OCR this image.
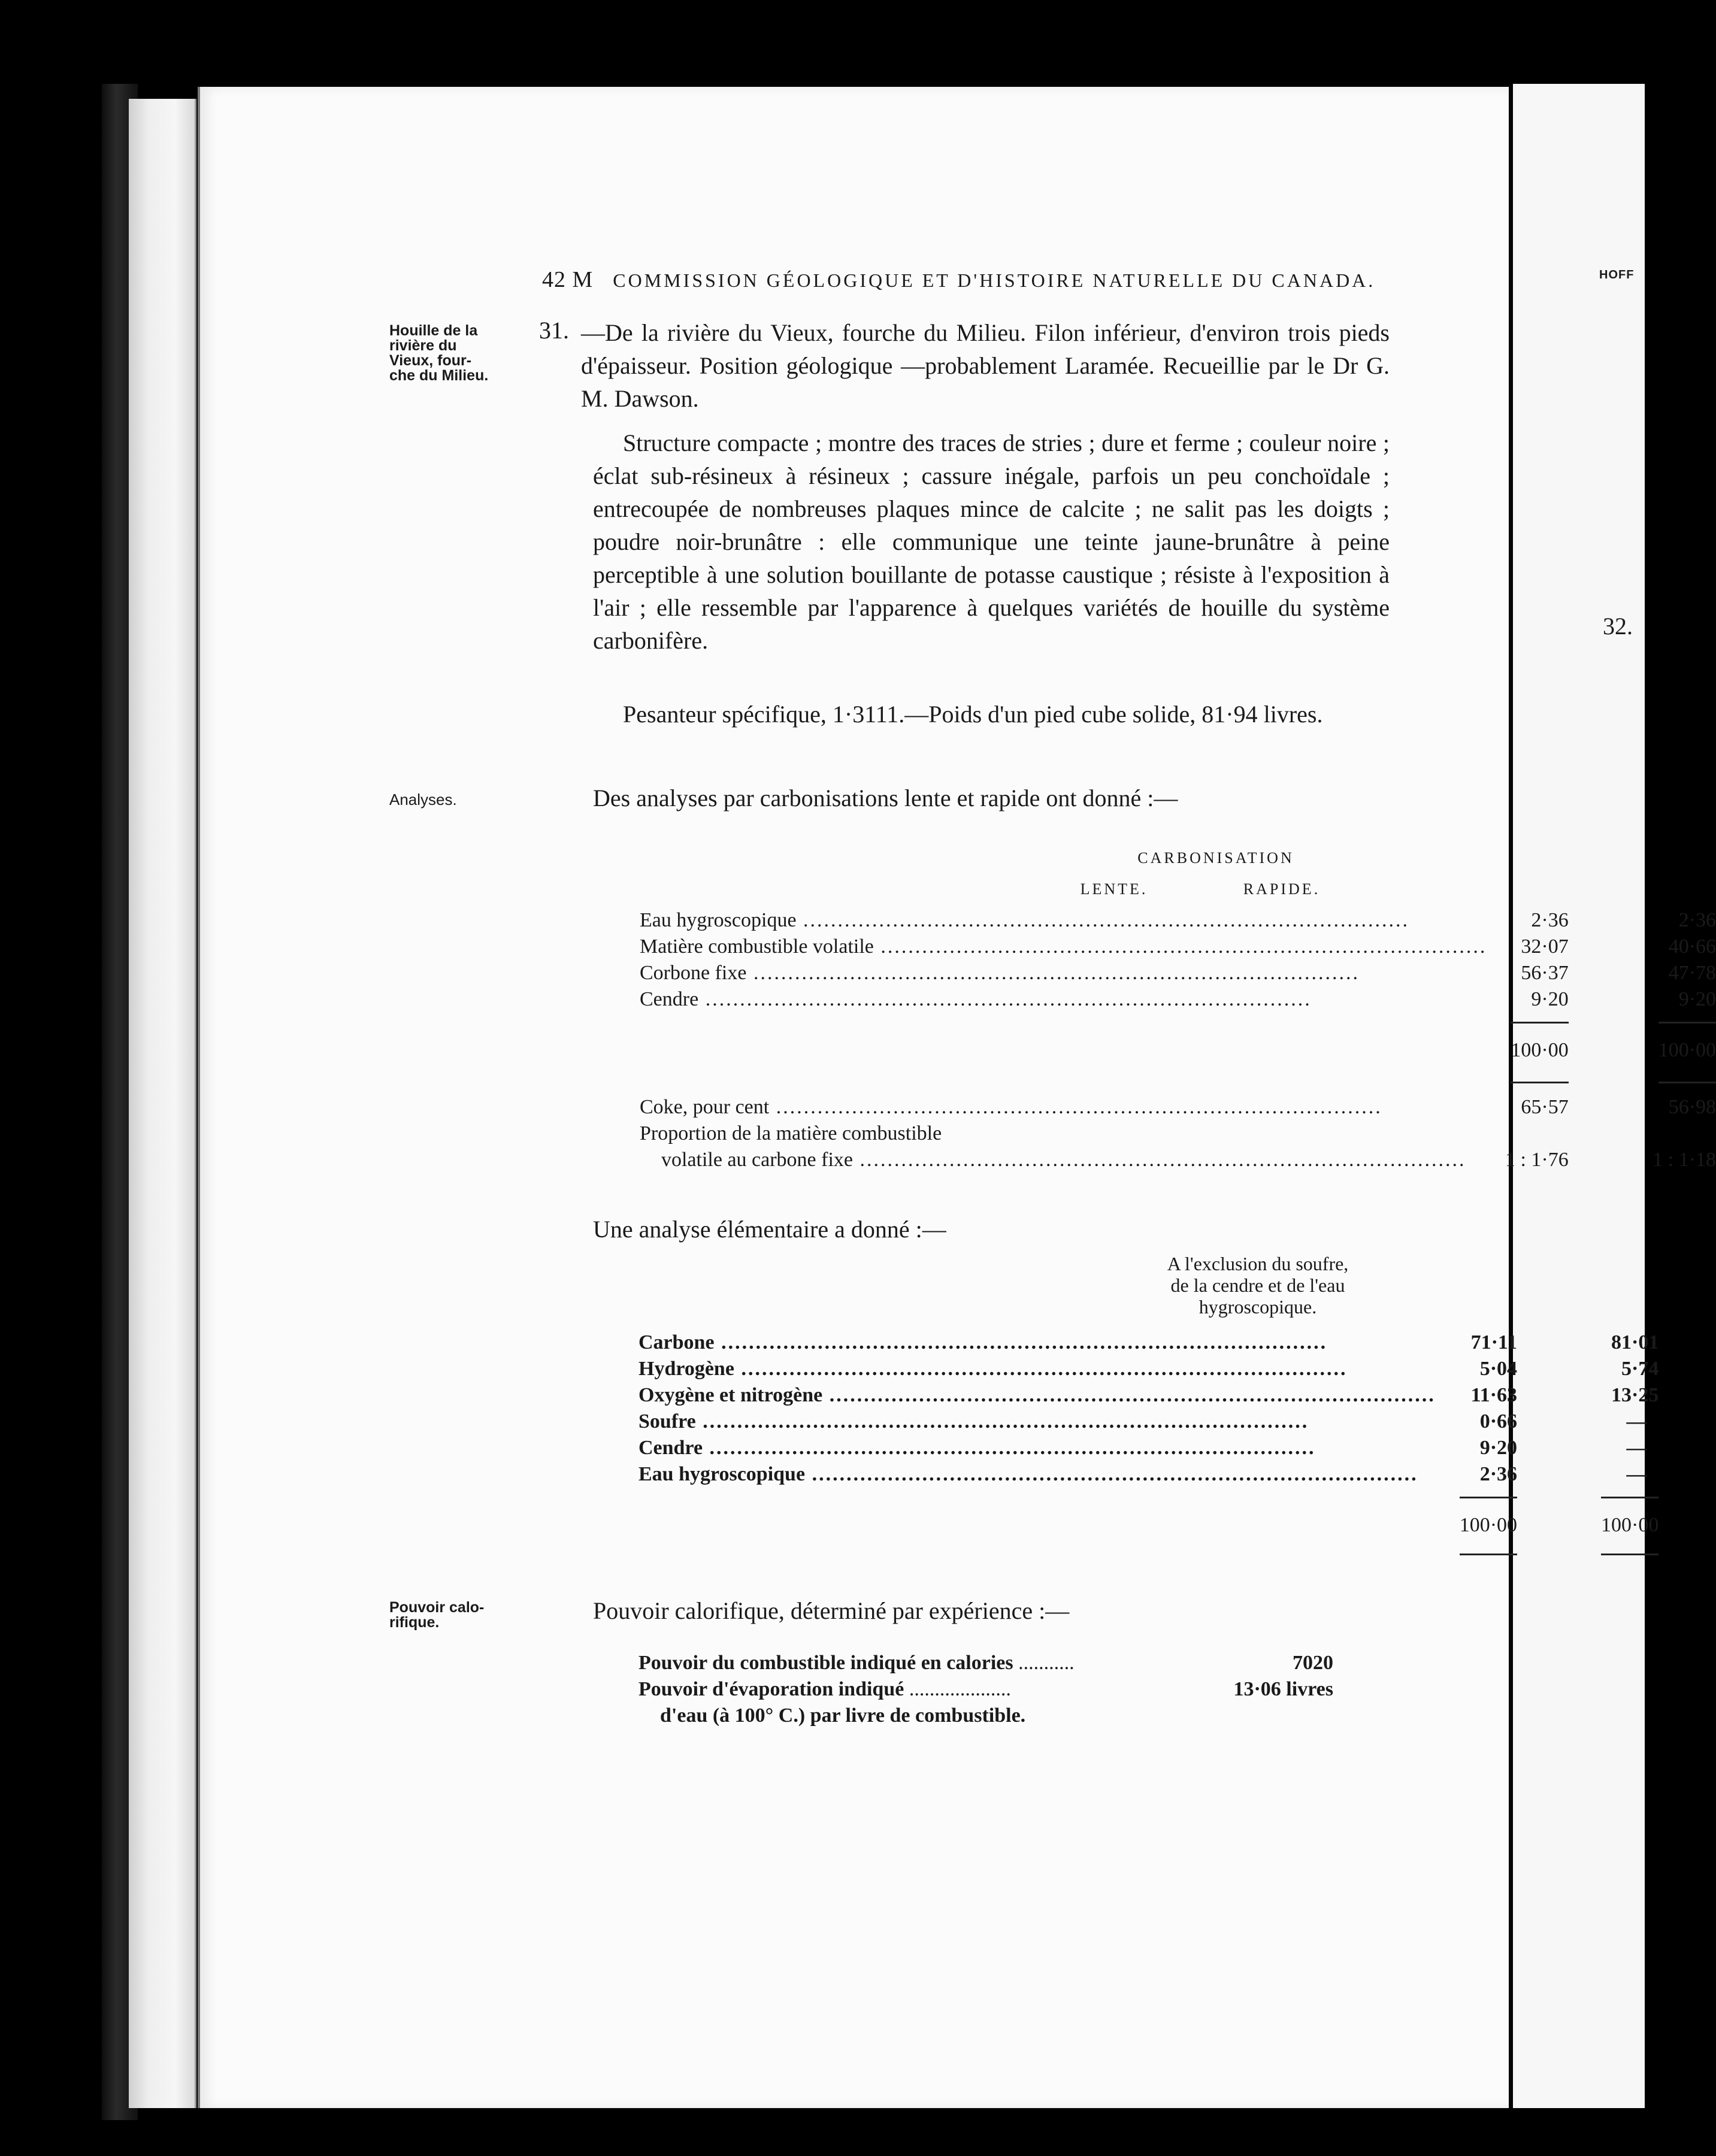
HOFF
32.
42 M COMMISSION GÉOLOGIQUE ET D'HISTOIRE NATURELLE DU CANADA.
Houille de la
rivière du
Vieux, four-
che du Milieu.
Analyses.
Pouvoir calo-
rifique.
31. —De la rivière du Vieux, fourche du Milieu. Filon inférieur, d'environ trois pieds d'épaisseur. Position géologique —probablement Laramée. Recueillie par le Dr G. M. Dawson.

Structure compacte ; montre des traces de stries ; dure et ferme ; couleur noire ; éclat sub-résineux à résineux ; cassure inégale, parfois un peu conchoïdale ; entrecoupée de nombreuses plaques mince de calcite ; ne salit pas les doigts ; poudre noir-brunâtre : elle communique une teinte jaune-brunâtre à peine perceptible à une solution bouillante de potasse caustique ; résiste à l'exposition à l'air ; elle ressemble par l'apparence à quelques variétés de houille du système carbonifère.

Pesanteur spécifique, 1·3111.—Poids d'un pied cube solide, 81·94 livres.

Des analyses par carbonisations lente et rapide ont donné :—

CARBONISATION
LENTE.	RAPIDE.
Eau hygroscopique .....	2·36	2·36
Matière combustible volatile .....	32·07	40·66
Corbone fixe .....	56·37	47·78
Cendre .....	9·20	9·20

	100·00	100·00

Coke, pour cent .....	65·57	56·98
Proportion de la matière combustible		
volatile au carbone fixe .....	1 : 1·76	1 : 1·18

Une analyse élémentaire a donné :—

A l'exclusion du soufre,
de la cendre et de l'eau
hygroscopique.
Carbone .....	71·11	81·01
Hydrogène .....	5·04	5·74
Oxygène et nitrogène .....	11·63	13·25
Soufre .....	0·66	—
Cendre .....	9·20	—
Eau hygroscopique .....	2·36	—

	100·00	100·00

Pouvoir calorifique, déterminé par expérience :—

Pouvoir du combustible indiqué en calories ...........	7020
Pouvoir d'évaporation indiqué ....................	13·06 livres
d'eau (à 100° C.) par livre de combustible.	
